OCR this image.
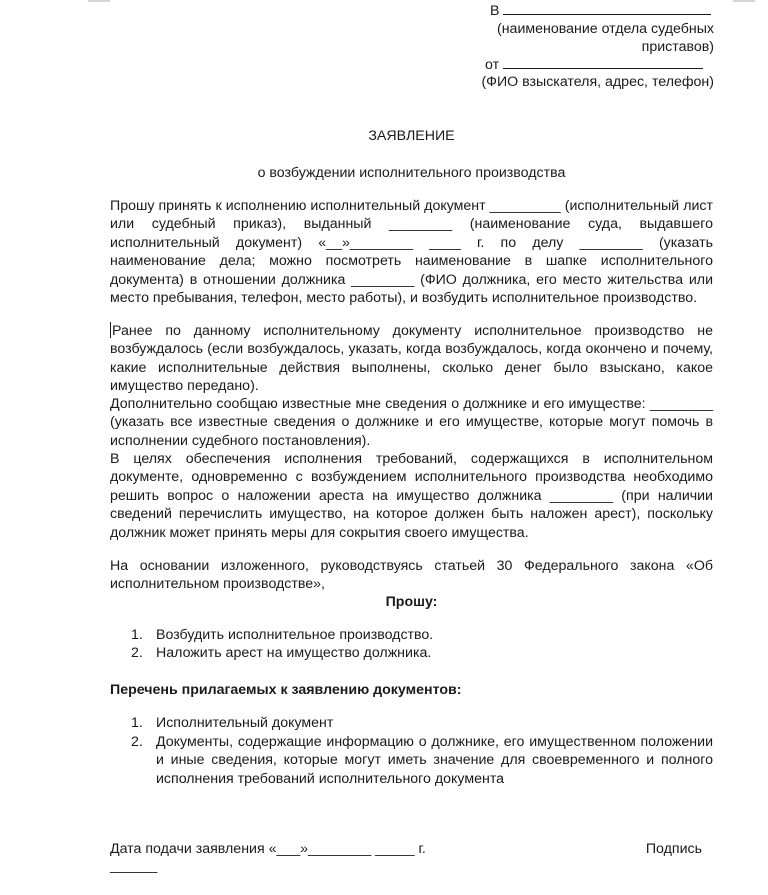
В
(наименование отдела судебных приставов)
от
(ФИО взыскателя, адрес, телефон)
ЗАЯВЛЕНИЕ
о возбуждении исполнительного производства
Прошу принять к исполнению исполнительный документ _________ (исполнительный лист или судебный приказ), выданный ________ (наименование суда, выдавшего исполнительный документ) «__»________ ____ г. по делу ________ (указать наименование дела; можно посмотреть наименование в шапке исполнительного документа) в отношении должника ________ (ФИО должника, его место жительства или место пребывания, телефон, место работы), и возбудить исполнительное производство.
Ранее по данному исполнительному документу исполнительное производство не возбуждалось (если возбуждалось, указать, когда возбуждалось, когда окончено и почему, какие исполнительные действия выполнены, сколько денег было взыскано, какое имущество передано).
Дополнительно сообщаю известные мне сведения о должнике и его имуществе: ________ (указать все известные сведения о должнике и его имуществе, которые могут помочь в исполнении судебного постановления).
В целях обеспечения исполнения требований, содержащихся в исполнительном документе, одновременно с возбуждением исполнительного производства необходимо решить вопрос о наложении ареста на имущество должника ________ (при наличии сведений перечислить имущество, на которое должен быть наложен арест), поскольку должник может принять меры для сокрытия своего имущества.
На основании изложенного, руководствуясь статьей 30 Федерального закона «Об исполнительном производстве»,
Прошу:
1. Возбудить исполнительное производство.
2. Наложить арест на имущество должника.
Перечень прилагаемых к заявлению документов:
1. Исполнительный документ
2. Документы, содержащие информацию о должнике, его имущественном положении и иные сведения, которые могут иметь значение для своевременного и полного исполнения требований исполнительного документа
Дата подачи заявления «___»________ _____ г.	Подпись
______
